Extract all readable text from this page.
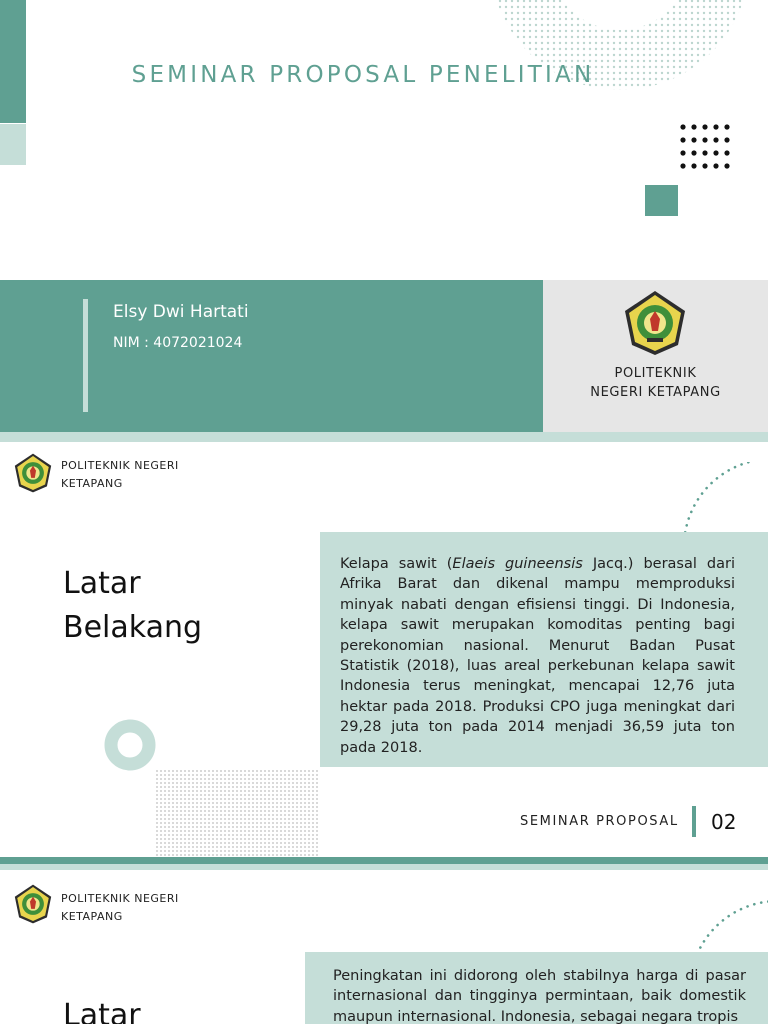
SEMINAR PROPOSAL PENELITIAN
Elsy Dwi Hartati
NIM : 4072021024
POLITEKNIK
NEGERI KETAPANG
POLITEKNIK NEGERI
KETAPANG
Latar
Belakang
Kelapa sawit (Elaeis guineensis Jacq.) berasal dari Afrika Barat dan dikenal mampu memproduksi minyak nabati dengan efisiensi tinggi. Di Indonesia, kelapa sawit merupakan komoditas penting bagi perekonomian nasional. Menurut Badan Pusat Statistik (2018), luas areal perkebunan kelapa sawit Indonesia terus meningkat, mencapai 12,76 juta hektar pada 2018. Produksi CPO juga meningkat dari 29,28 juta ton pada 2014 menjadi 36,59 juta ton pada 2018.
SEMINAR PROPOSAL 02
POLITEKNIK NEGERI
KETAPANG
Peningkatan ini didorong oleh stabilnya harga di pasar internasional dan tingginya permintaan, baik domestik maupun internasional. Indonesia, sebagai negara tropis
Latar
